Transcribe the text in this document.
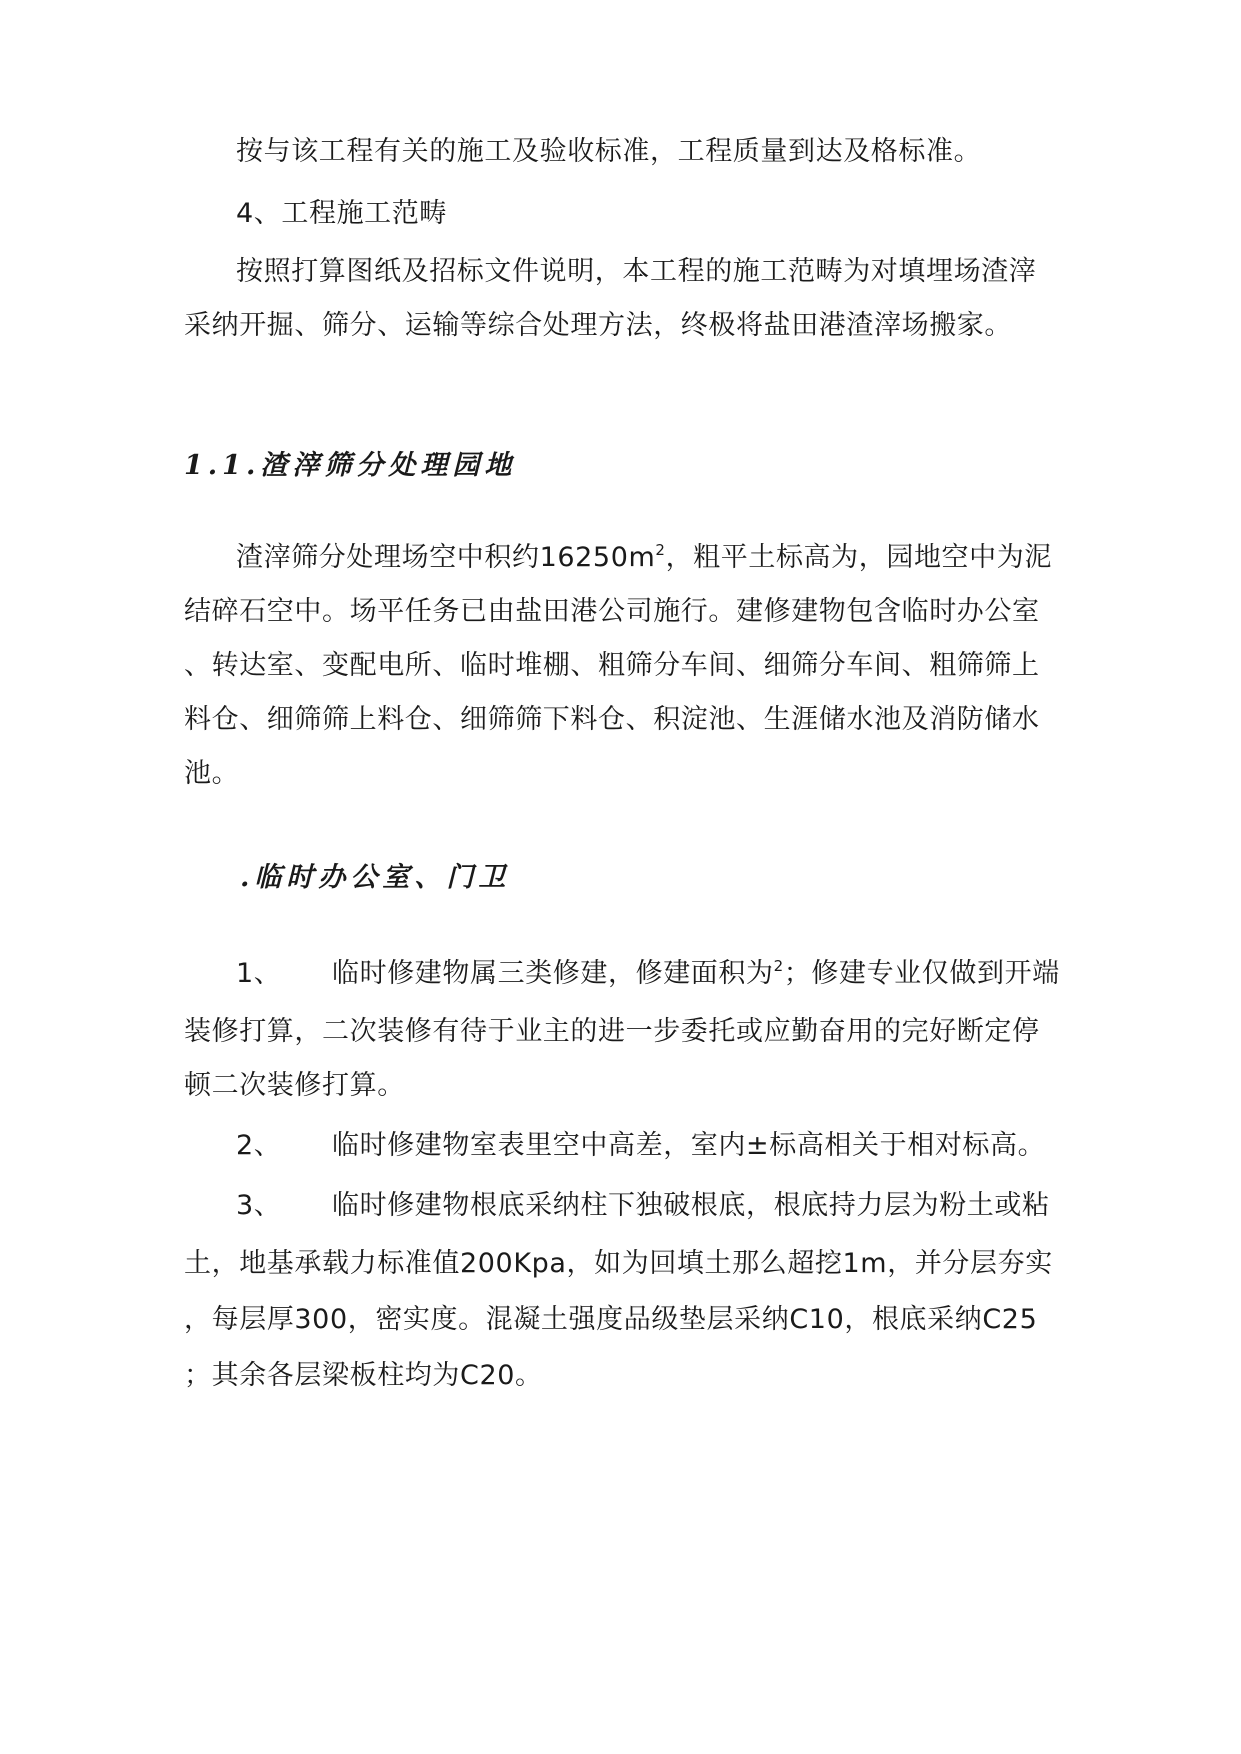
按与该工程有关的施工及验收标准，工程质量到达及格标准。
4、工程施工范畴
按照打算图纸及招标文件说明，本工程的施工范畴为对填埋场渣滓
采纳开掘、筛分、运输等综合处理方法，终极将盐田港渣滓场搬家。
1.1.渣滓筛分处理园地
渣滓筛分处理场空中积约$16250m^2$，粗平土标高为，园地空中为泥
结碎石空中。场平任务已由盐田港公司施行。建修建物包含临时办公室
、转达室、变配电所、临时堆棚、粗筛分车间、细筛分车间、粗筛筛上
料仓、细筛筛上料仓、细筛筛下料仓、积淀池、生涯储水池及消防储水
池。
.临时办公室、门卫
1、 临时修建物属三类修建，修建面积为$^2$；修建专业仅做到开端
装修打算，二次装修有待于业主的进一步委托或应勤奋用的完好断定停
顿二次装修打算。
2、 临时修建物室表里空中高差，室内±标高相关于相对标高。
3、 临时修建物根底采纳柱下独破根底，根底持力层为粉土或粘
土，地基承载力标准值200Kpa，如为回填土那么超挖1m，并分层夯实
，每层厚300，密实度。混凝土强度品级垫层采纳C10，根底采纳C25
；其余各层梁板柱均为C20。
